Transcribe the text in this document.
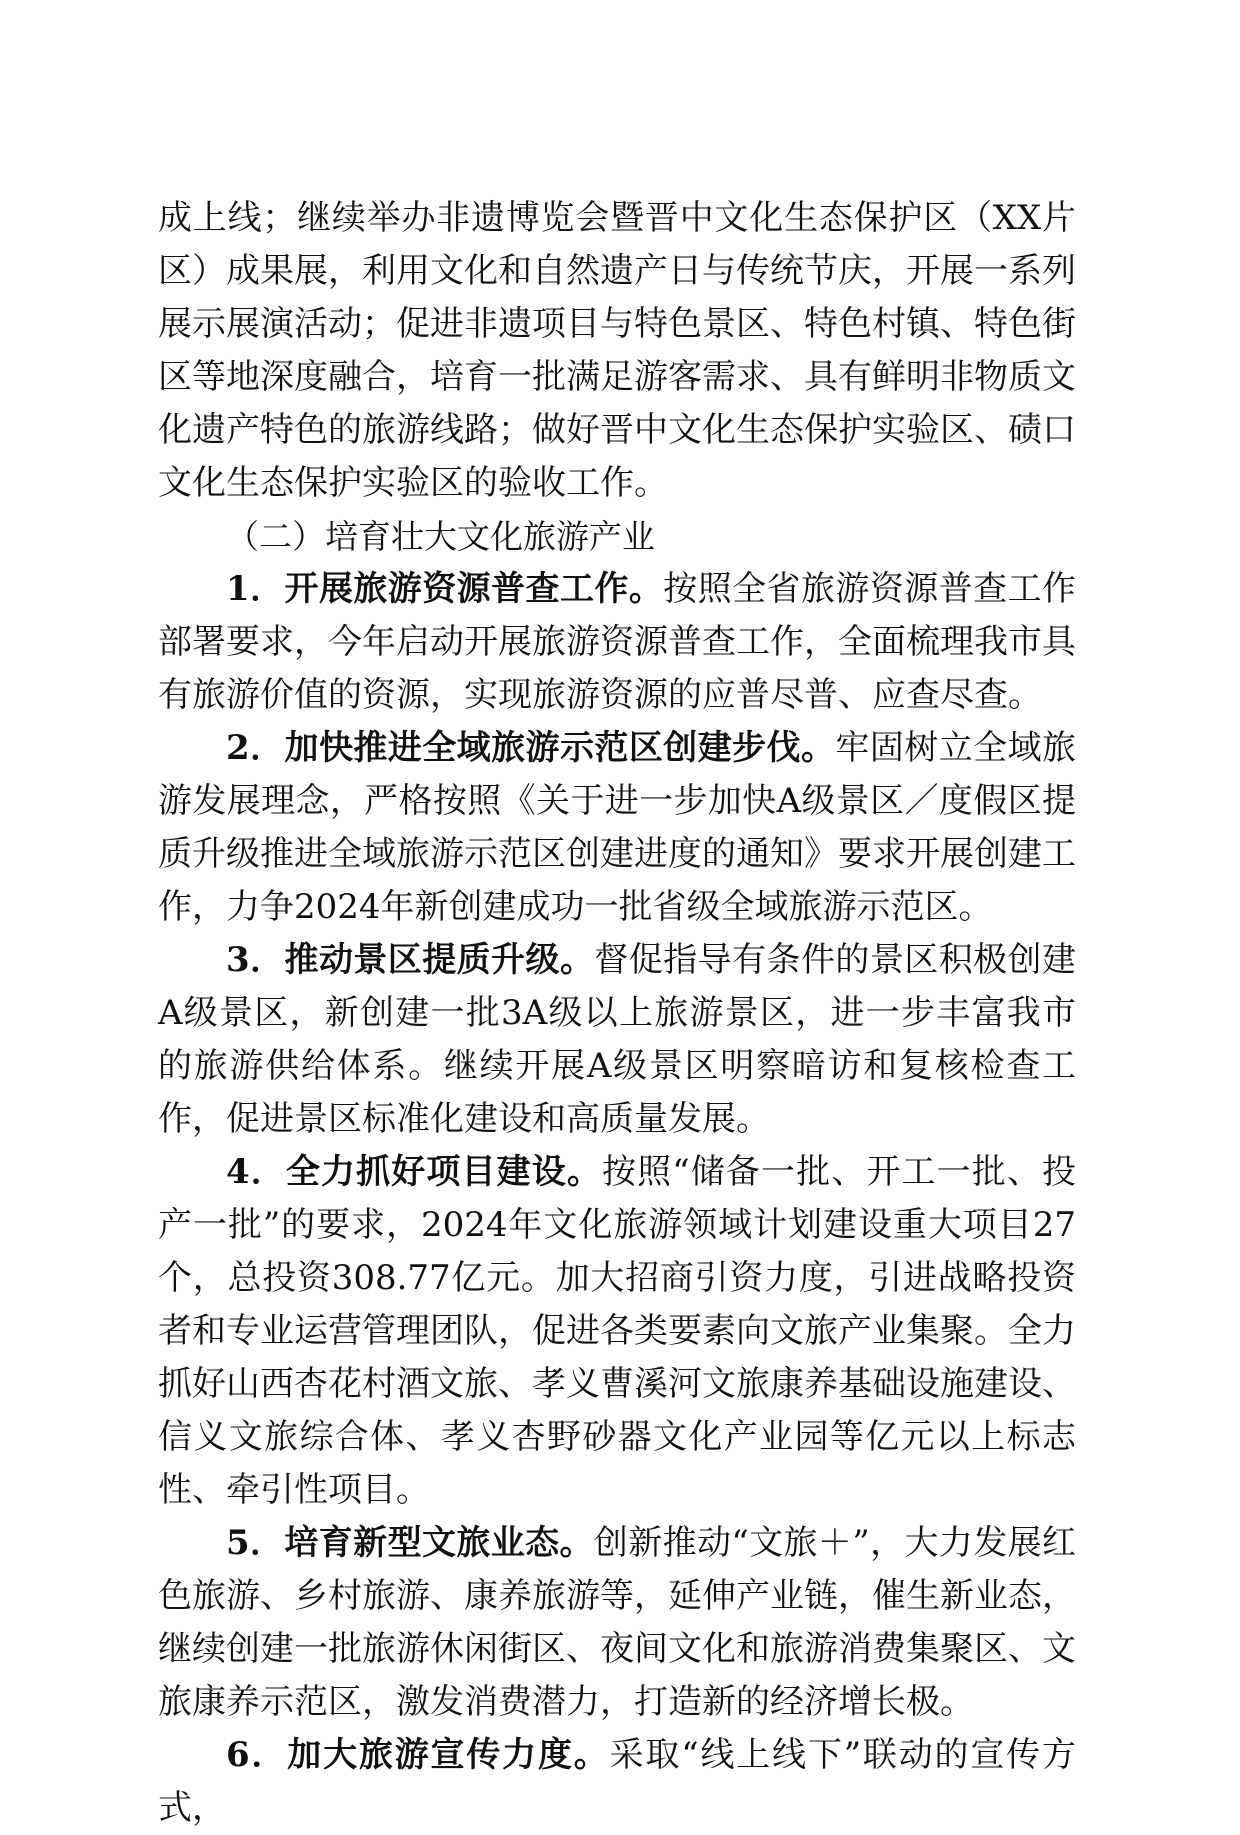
成上线；继续举办非遗博览会暨晋中文化生态保护区（XX片区）成果展，利用文化和自然遗产日与传统节庆，开展一系列展示展演活动；促进非遗项目与特色景区、特色村镇、特色街区等地深度融合，培育一批满足游客需求、具有鲜明非物质文化遗产特色的旅游线路；做好晋中文化生态保护实验区、碛口文化生态保护实验区的验收工作。

（二）培育壮大文化旅游产业

1．开展旅游资源普查工作。按照全省旅游资源普查工作部署要求，今年启动开展旅游资源普查工作，全面梳理我市具有旅游价值的资源，实现旅游资源的应普尽普、应查尽查。

2．加快推进全域旅游示范区创建步伐。牢固树立全域旅游发展理念，严格按照《关于进一步加快A级景区／度假区提质升级推进全域旅游示范区创建进度的通知》要求开展创建工作，力争2024年新创建成功一批省级全域旅游示范区。

3．推动景区提质升级。督促指导有条件的景区积极创建A级景区，新创建一批3A级以上旅游景区，进一步丰富我市的旅游供给体系。继续开展A级景区明察暗访和复核检查工作，促进景区标准化建设和高质量发展。

4．全力抓好项目建设。按照“储备一批、开工一批、投产一批”的要求，2024年文化旅游领域计划建设重大项目27个，总投资308.77亿元。加大招商引资力度，引进战略投资者和专业运营管理团队，促进各类要素向文旅产业集聚。全力抓好山西杏花村酒文旅、孝义曹溪河文旅康养基础设施建设、信义文旅综合体、孝义杏野砂器文化产业园等亿元以上标志性、牵引性项目。

5．培育新型文旅业态。创新推动“文旅＋”，大力发展红色旅游、乡村旅游、康养旅游等，延伸产业链，催生新业态，继续创建一批旅游休闲街区、夜间文化和旅游消费集聚区、文旅康养示范区，激发消费潜力，打造新的经济增长极。

6．加大旅游宣传力度。采取“线上线下”联动的宣传方式，
